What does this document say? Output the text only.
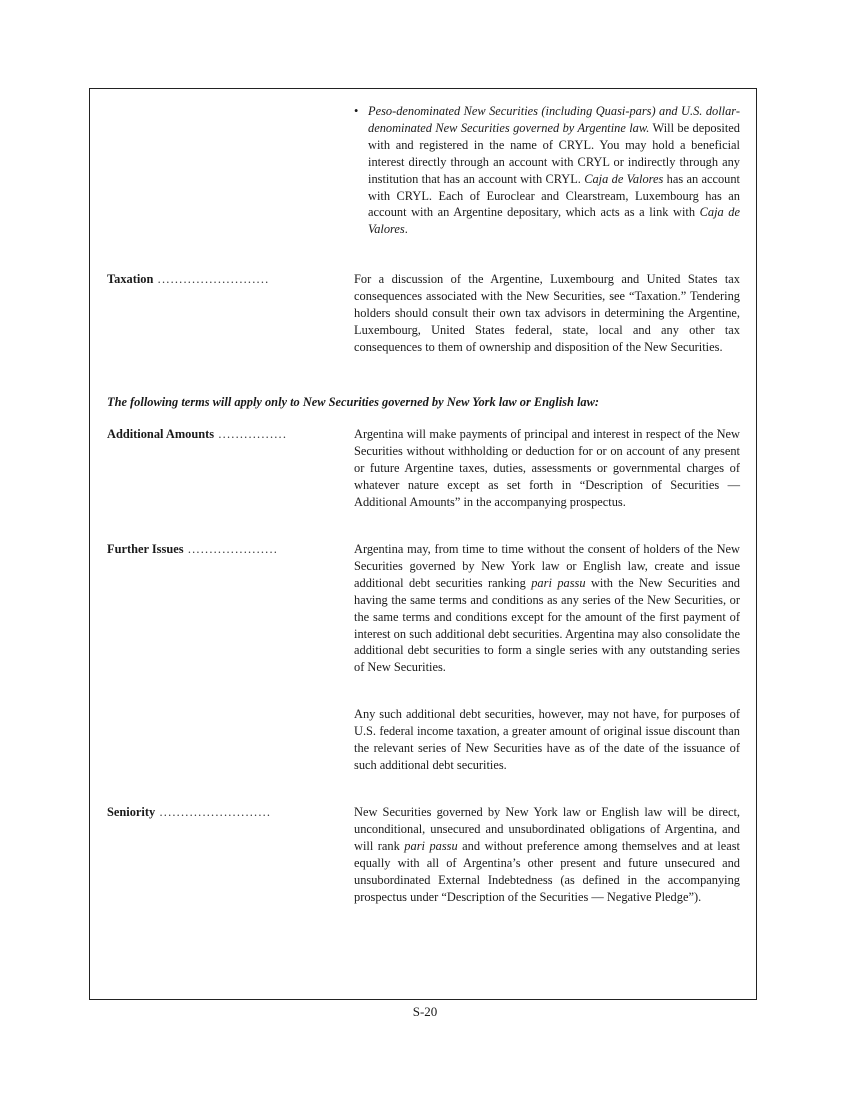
• Peso-denominated New Securities (including Quasi-pars) and U.S. dollar-denominated New Securities governed by Argentine law. Will be deposited with and registered in the name of CRYL. You may hold a beneficial interest directly through an account with CRYL or indirectly through any institution that has an account with CRYL. Caja de Valores has an account with CRYL. Each of Euroclear and Clearstream, Luxembourg has an account with an Argentine depositary, which acts as a link with Caja de Valores.
Taxation ..........................	For a discussion of the Argentine, Luxembourg and United States tax consequences associated with the New Securities, see “Taxation.” Tendering holders should consult their own tax advisors in determining the Argentine, Luxembourg, United States federal, state, local and any other tax consequences to them of ownership and disposition of the New Securities.

The following terms will apply only to New Securities governed by New York law or English law:

Additional Amounts ................	Argentina will make payments of principal and interest in respect of the New Securities without withholding or deduction for or on account of any present or future Argentine taxes, duties, assessments or governmental charges of whatever nature except as set forth in “Description of Securities — Additional Amounts” in the accompanying prospectus.

Further Issues .....................	Argentina may, from time to time without the consent of holders of the New Securities governed by New York law or English law, create and issue additional debt securities ranking pari passu with the New Securities and having the same terms and conditions as any series of the New Securities, or the same terms and conditions except for the amount of the first payment of interest on such additional debt securities. Argentina may also consolidate the additional debt securities to form a single series with any outstanding series of New Securities.

Any such additional debt securities, however, may not have, for purposes of U.S. federal income taxation, a greater amount of original issue discount than the relevant series of New Securities have as of the date of the issuance of such additional debt securities.

Seniority ..........................	New Securities governed by New York law or English law will be direct, unconditional, unsecured and unsubordinated obligations of Argentina, and will rank pari passu and without preference among themselves and at least equally with all of Argentina’s other present and future unsecured and unsubordinated External Indebtedness (as defined in the accompanying prospectus under “Description of the Securities — Negative Pledge”).

S-20
